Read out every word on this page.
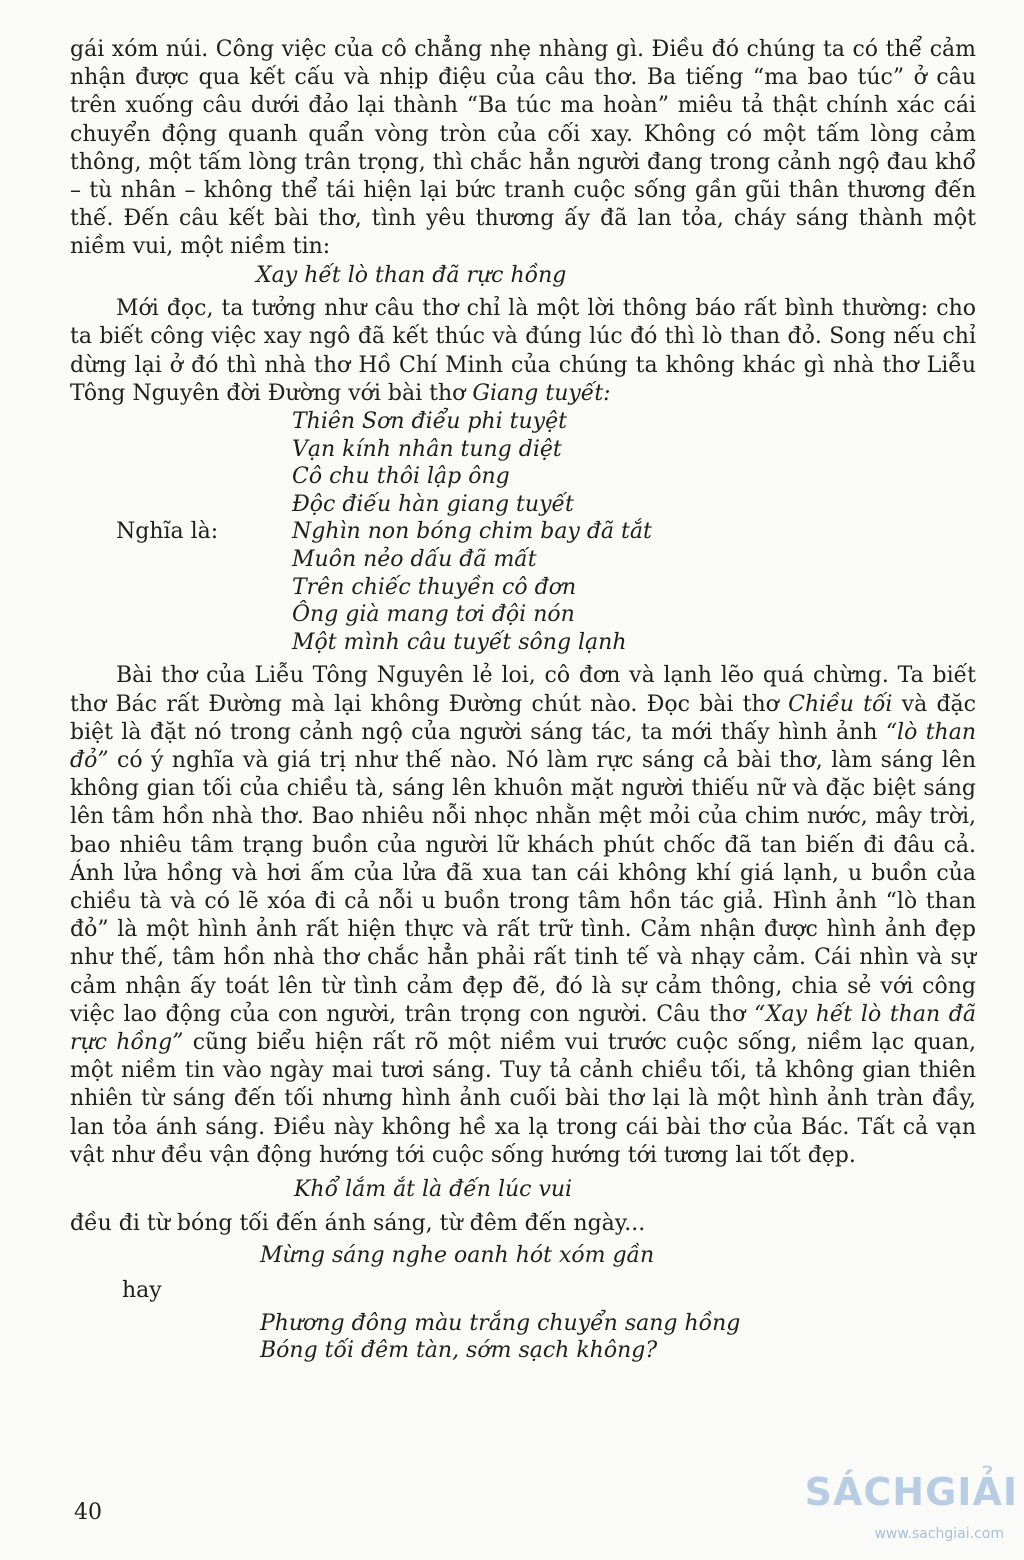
gái xóm núi. Công việc của cô chẳng nhẹ nhàng gì. Điều đó chúng ta có thể cảm nhận được qua kết cấu và nhịp điệu của câu thơ. Ba tiếng “ma bao túc” ở câu trên xuống câu dưới đảo lại thành “Ba túc ma hoàn” miêu tả thật chính xác cái chuyển động quanh quẩn vòng tròn của cối xay. Không có một tấm lòng cảm thông, một tấm lòng trân trọng, thì chắc hẳn người đang trong cảnh ngộ đau khổ – tù nhân – không thể tái hiện lại bức tranh cuộc sống gần gũi thân thương đến thế. Đến câu kết bài thơ, tình yêu thương ấy đã lan tỏa, cháy sáng thành một niềm vui, một niềm tin:

Xay hết lò than đã rực hồng

Mới đọc, ta tưởng như câu thơ chỉ là một lời thông báo rất bình thường: cho ta biết công việc xay ngô đã kết thúc và đúng lúc đó thì lò than đỏ. Song nếu chỉ dừng lại ở đó thì nhà thơ Hồ Chí Minh của chúng ta không khác gì nhà thơ Liễu Tông Nguyên đời Đường với bài thơ Giang tuyết:

Thiên Sơn điểu phi tuyệt
Vạn kính nhân tung diệt
Cô chu thôi lập ông
Độc điếu hàn giang tuyết
Nghĩa là:	Nghìn non bóng chim bay đã tắt
Muôn nẻo dấu đã mất
Trên chiếc thuyền cô đơn
Ông già mang tơi đội nón
Một mình câu tuyết sông lạnh

Bài thơ của Liễu Tông Nguyên lẻ loi, cô đơn và lạnh lẽo quá chừng. Ta biết thơ Bác rất Đường mà lại không Đường chút nào. Đọc bài thơ Chiều tối và đặc biệt là đặt nó trong cảnh ngộ của người sáng tác, ta mới thấy hình ảnh “lò than đỏ” có ý nghĩa và giá trị như thế nào. Nó làm rực sáng cả bài thơ, làm sáng lên không gian tối của chiều tà, sáng lên khuôn mặt người thiếu nữ và đặc biệt sáng lên tâm hồn nhà thơ. Bao nhiêu nỗi nhọc nhằn mệt mỏi của chim nước, mây trời, bao nhiêu tâm trạng buồn của người lữ khách phút chốc đã tan biến đi đâu cả. Ánh lửa hồng và hơi ấm của lửa đã xua tan cái không khí giá lạnh, u buồn của chiều tà và có lẽ xóa đi cả nỗi u buồn trong tâm hồn tác giả. Hình ảnh “lò than đỏ” là một hình ảnh rất hiện thực và rất trữ tình. Cảm nhận được hình ảnh đẹp như thế, tâm hồn nhà thơ chắc hẳn phải rất tinh tế và nhạy cảm. Cái nhìn và sự cảm nhận ấy toát lên từ tình cảm đẹp đẽ, đó là sự cảm thông, chia sẻ với công việc lao động của con người, trân trọng con người. Câu thơ “Xay hết lò than đã rực hồng” cũng biểu hiện rất rõ một niềm vui trước cuộc sống, niềm lạc quan, một niềm tin vào ngày mai tươi sáng. Tuy tả cảnh chiều tối, tả không gian thiên nhiên từ sáng đến tối nhưng hình ảnh cuối bài thơ lại là một hình ảnh tràn đầy, lan tỏa ánh sáng. Điều này không hề xa lạ trong cái bài thơ của Bác. Tất cả vạn vật như đều vận động hướng tới cuộc sống hướng tới tương lai tốt đẹp.

Khổ lắm ắt là đến lúc vui

đều đi từ bóng tối đến ánh sáng, từ đêm đến ngày...

Mừng sáng nghe oanh hót xóm gần

hay

Phương đông màu trắng chuyển sang hồng
Bóng tối đêm tàn, sớm sạch không?
40	SÁCHGIẢI
www.sachgiai.com
